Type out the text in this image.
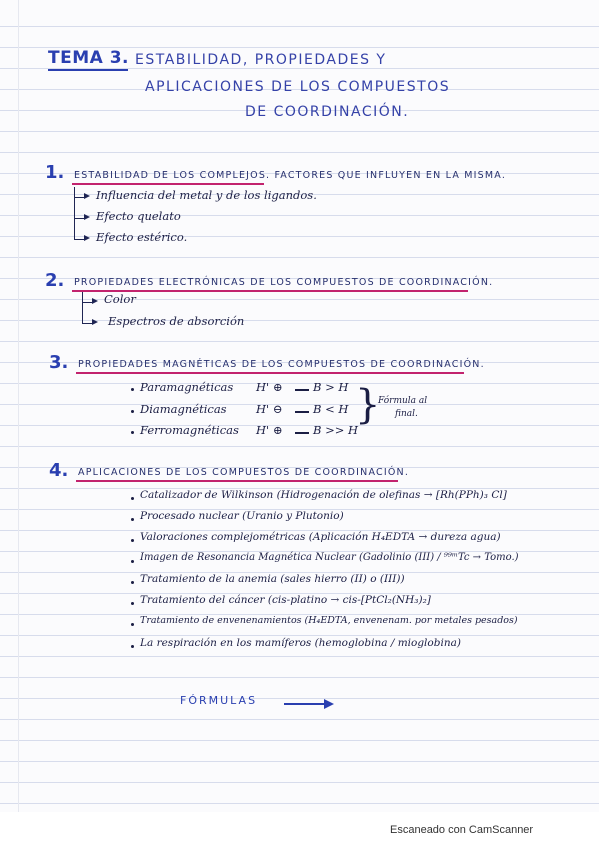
TEMA 3. ESTABILIDAD, PROPIEDADES Y
APLICACIONES DE LOS COMPUESTOS
DE COORDINACIÓN.
1. ESTABILIDAD DE LOS COMPLEJOS. FACTORES QUE INFLUYEN EN LA MISMA.
Influencia del metal y de los ligandos.
Efecto quelato
Efecto estérico.
2. PROPIEDADES ELECTRÓNICAS DE LOS COMPUESTOS DE COORDINACIÓN.
Color
Espectros de absorción
3. PROPIEDADES MAGNÉTICAS DE LOS COMPUESTOS DE COORDINACIÓN.
Paramagnéticas H' ⊕	B > H
Diamagnéticas	H' ⊖	B < H
Ferromagnéticas H' ⊕	B >> H
}
Fórmula al
final.
4. APLICACIONES DE LOS COMPUESTOS DE COORDINACIÓN.
Catalizador de Wilkinson (Hidrogenación de olefinas → [Rh(PPh)₃ Cl]
Procesado nuclear (Uranio y Plutonio)
Valoraciones complejométricas (Aplicación H₄EDTA → dureza agua)
Imagen de Resonancia Magnética Nuclear (Gadolinio (III) / ⁹⁹ᵐTc → Tomo.)
Tratamiento de la anemia (sales hierro (II) o (III))
Tratamiento del cáncer (cis-platino → cis-[PtCl₂(NH₃)₂]
Tratamiento de envenenamientos (H₄EDTA, envenenam. por metales pesados)
La respiración en los mamíferos (hemoglobina / mioglobina)
FÓRMULAS
Escaneado con CamScanner
